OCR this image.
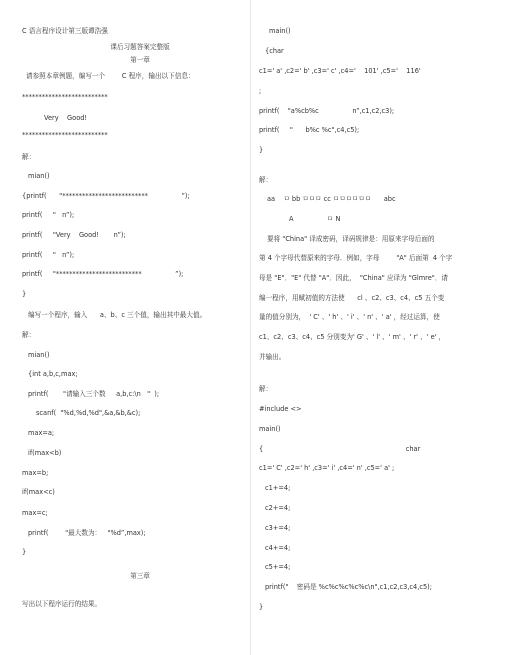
C 语言程序设计第三版谭浩强
课后习题答案完整版
第一章
请参照本章例题，编写一个        C 程序，输出以下信息：
**************************
Very    Good!
**************************
解：
mian()
{printf(      "**************************                ”);
printf(     "   n”);
printf(     "Very    Good!       n”);
printf(     "   n”);
printf(     "**************************                ”);
}
编写一个程序，输入      a、b、c 三个值，输出其中最大值。
解：
mian()
{int a,b,c,max;
printf(       "请输入三个数     a,b,c:\n   "  );
scanf(  "%d,%d,%d",&a,&b,&c);
max=a;
if(max<b)
max=b;
if(max<c)
max=c;
printf(        "最大数为：   "%d”,max);
}
第三章
写出以下程序运行的结果。
main()
{char
c1=' a' ,c2=' b' ,c3=' c' ,c4='    101' ,c5='    116'
;
printf(    "a%cb%c                n”,c1,c2,c3);
printf(     "      b%c %c",c4,c5);
}
解：
aa    ㅁ bb ㅁㅁㅁ cc ㅁㅁㅁㅁㅁㅁ      abc
A                ㅁ N
要将 "China" 译成密码，译码规律是：用原来字母后面的
第 4 个字母代替原来的字母．例如，字母        "A" 后面第  4 个字
母是 "E"．"E" 代替 "A"．因此，  "China" 应译为 "Glmre"．请
编一程序，用赋初值的方法使      cl 、c2、c3、c4、c5 五个变
量的值分别为，  ' C' 、' h' 、' i' 、' n' 、' a' ，经过运算，使
c1、c2、c3、c4、c5 分别变为' G' 、' l' 、' m' 、' r' 、' e' ，
并输出。
解：
#include <>
main()
{                                                                    char
c1=' C' ,c2=' h' ,c3=' i' ,c4=' n' ,c5=' a' ;
c1+=4;
c2+=4;
c3+=4;
c4+=4;
c5+=4;
printf("    密码是 %c%c%c%c%c\n",c1,c2,c3,c4,c5);
}
